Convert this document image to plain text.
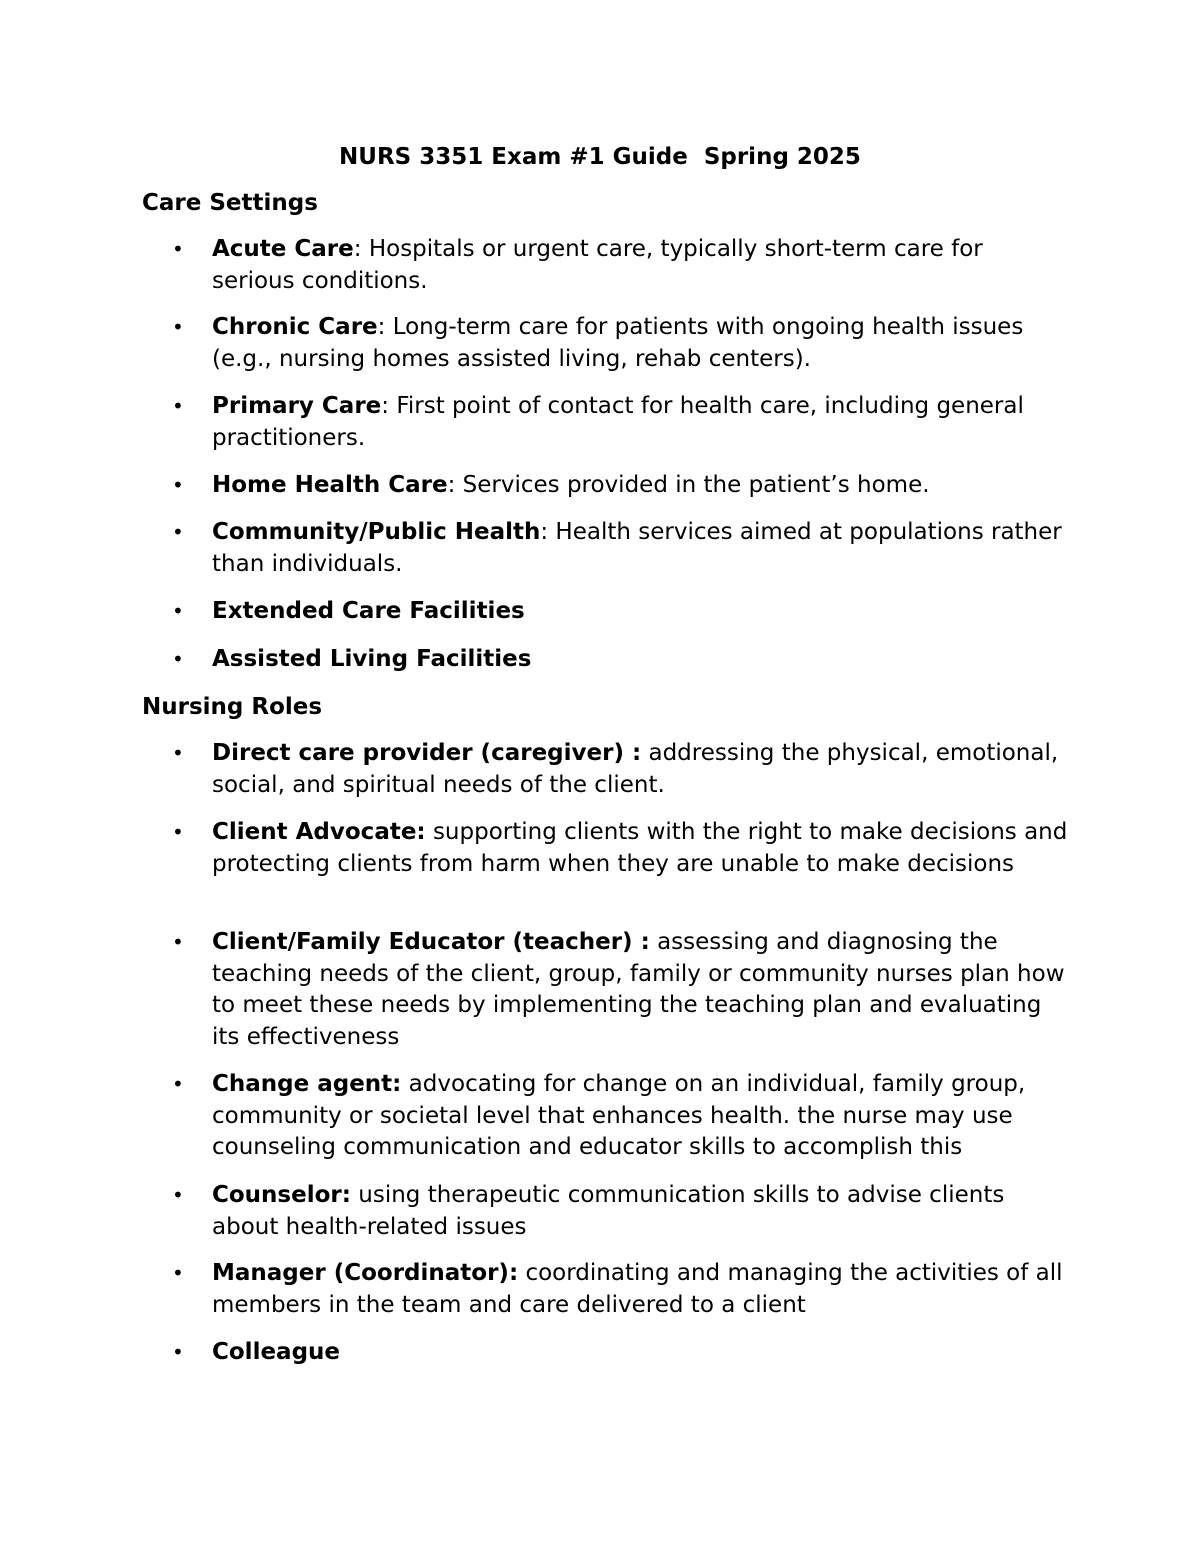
NURS 3351 Exam #1 Guide  Spring 2025
Care Settings
• Acute Care: Hospitals or urgent care, typically short-term care for serious conditions.
• Chronic Care: Long-term care for patients with ongoing health issues (e.g., nursing homes assisted living, rehab centers).
• Primary Care: First point of contact for health care, including general practitioners.
• Home Health Care: Services provided in the patient’s home.
• Community/Public Health: Health services aimed at populations rather than individuals.
• Extended Care Facilities
• Assisted Living Facilities
Nursing Roles
• Direct care provider (caregiver) : addressing the physical, emotional, social, and spiritual needs of the client.
• Client Advocate: supporting clients with the right to make decisions and protecting clients from harm when they are unable to make decisions
• Client/Family Educator (teacher) : assessing and diagnosing the teaching needs of the client, group, family or community nurses plan how to meet these needs by implementing the teaching plan and evaluating its effectiveness
• Change agent: advocating for change on an individual, family group, community or societal level that enhances health. the nurse may use counseling communication and educator skills to accomplish this
• Counselor: using therapeutic communication skills to advise clients about health-related issues
• Manager (Coordinator): coordinating and managing the activities of all members in the team and care delivered to a client
• Colleague
